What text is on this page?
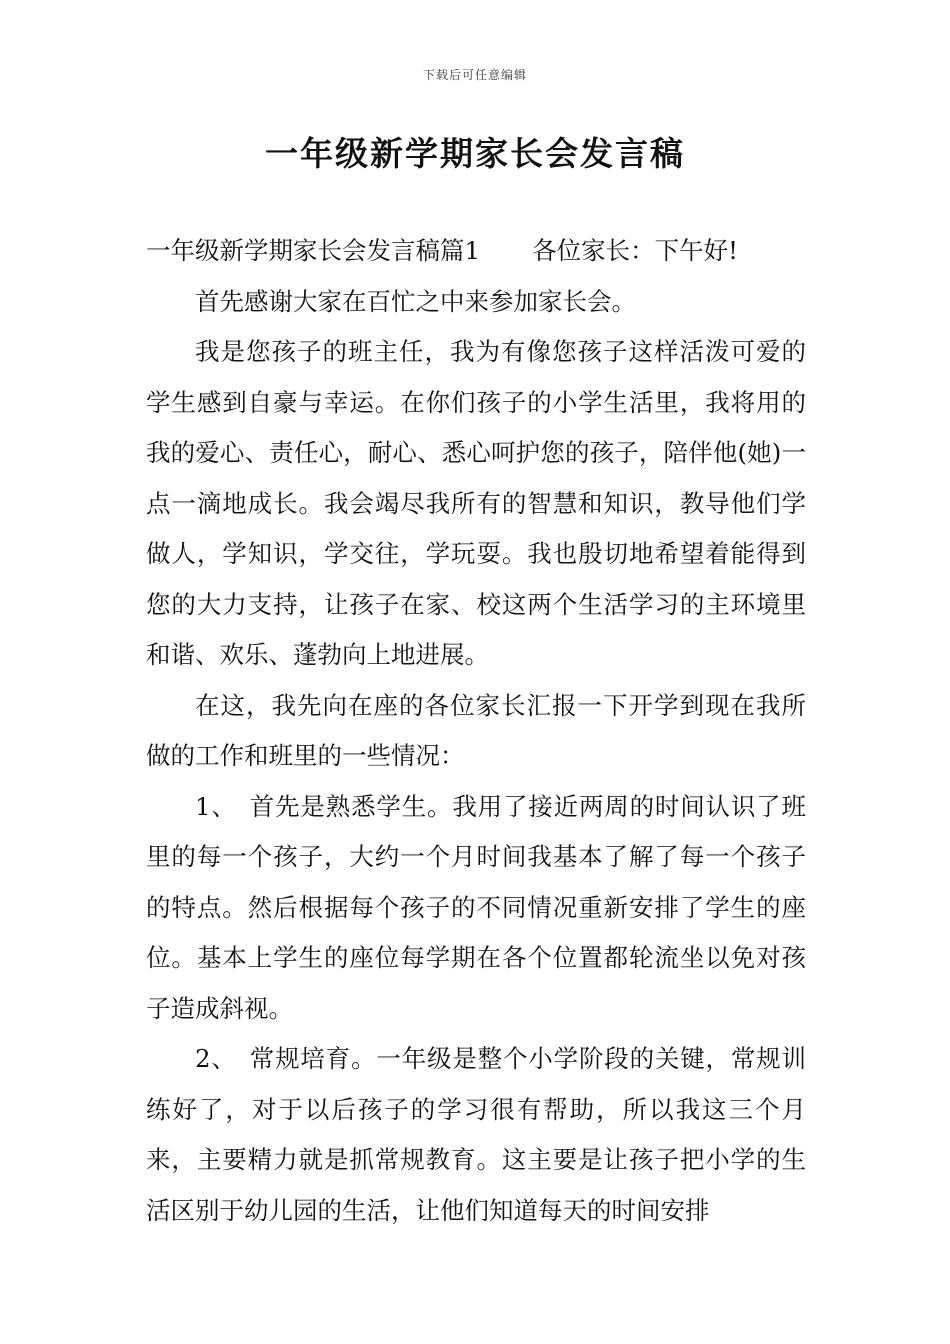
下载后可任意编辑
一年级新学期家长会发言稿

一年级新学期家长会发言稿篇1 各位家长：下午好!

首先感谢大家在百忙之中来参加家长会。

我是您孩子的班主任，我为有像您孩子这样活泼可爱的学生感到自豪与幸运。在你们孩子的小学生活里，我将用的我的爱心、责任心，耐心、悉心呵护您的孩子，陪伴他(她)一点一滴地成长。我会竭尽我所有的智慧和知识，教导他们学做人，学知识，学交往，学玩耍。我也殷切地希望着能得到您的大力支持，让孩子在家、校这两个生活学习的主环境里和谐、欢乐、蓬勃向上地进展。

在这，我先向在座的各位家长汇报一下开学到现在我所做的工作和班里的一些情况：

1、　首先是熟悉学生。我用了接近两周的时间认识了班里的每一个孩子，大约一个月时间我基本了解了每一个孩子的特点。然后根据每个孩子的不同情况重新安排了学生的座位。基本上学生的座位每学期在各个位置都轮流坐以免对孩子造成斜视。

2、　常规培育。一年级是整个小学阶段的关键，常规训练好了，对于以后孩子的学习很有帮助，所以我这三个月来，主要精力就是抓常规教育。这主要是让孩子把小学的生活区别于幼儿园的生活，让他们知道每天的时间安排
